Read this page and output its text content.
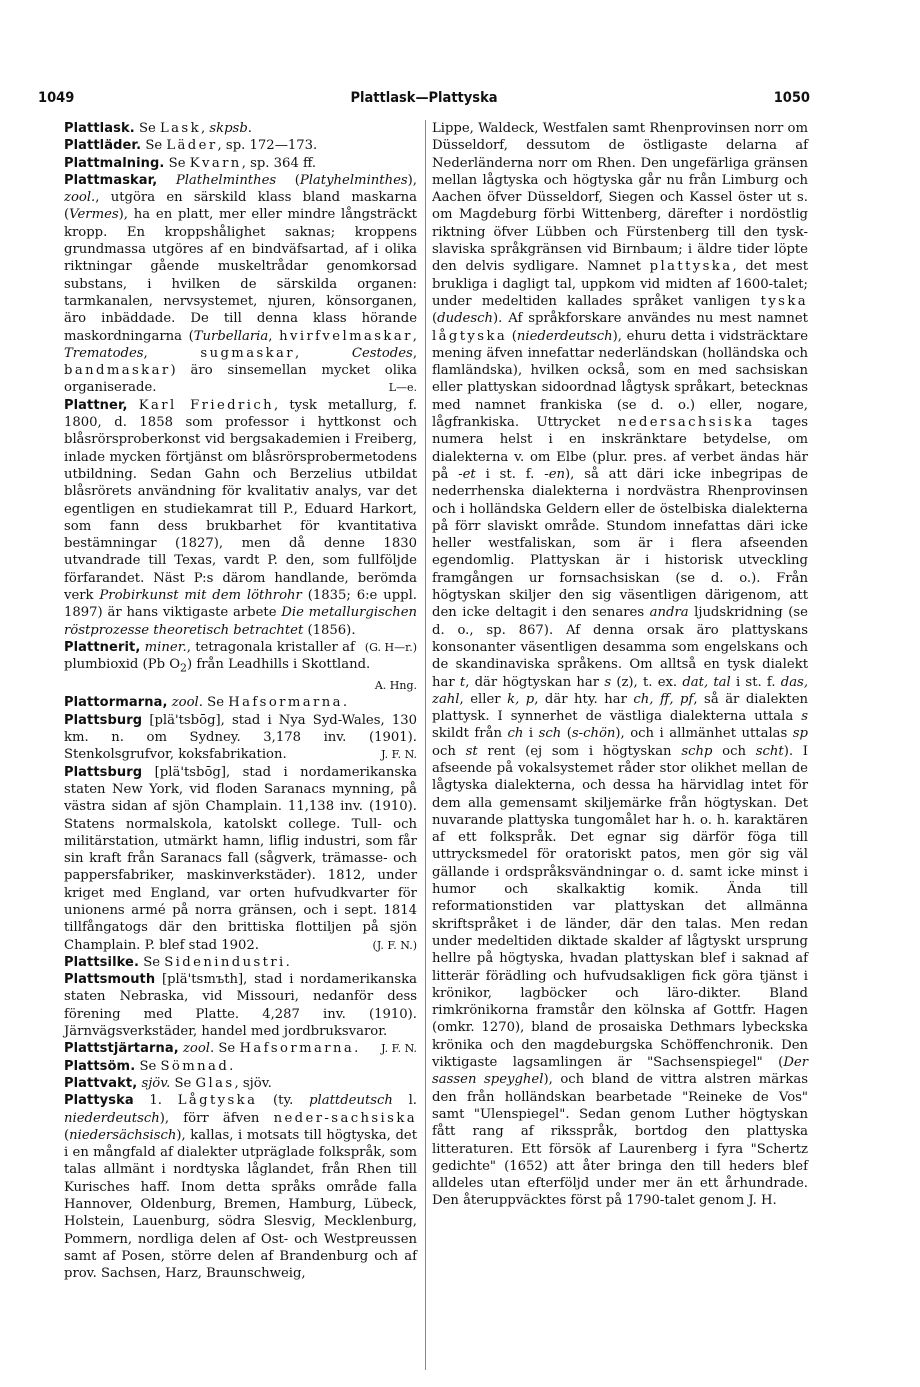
1049	Plattlask—Plattyska	1050

Plattlask. Se Lask, skpsb.

Plattläder. Se Läder, sp. 172—173.

Plattmalning. Se Kvarn, sp. 364 ff.

Plattmaskar, Plathelminthes (Platyhelminthes), zool., utgöra en särskild klass bland maskarna (Vermes), ha en platt, mer eller mindre långsträckt kropp. En kroppshålighet saknas; kroppens grundmassa utgöres af en bindväfsartad, af i olika riktningar gående muskeltrådar genomkorsad substans, i hvilken de särskilda organen: tarmkanalen, nervsystemet, njuren, könsorganen, äro inbäddade. De till denna klass hörande maskordningarna (Turbellaria, hvirfvelmaskar, Trematodes, sugmaskar, Cestodes, bandmaskar) äro sinsemellan mycket olika organiserade.	L—e.

Plattner, Karl Friedrich, tysk metallurg, f. 1800, d. 1858 som professor i hyttkonst och blåsrörsproberkonst vid bergsakademien i Freiberg, inlade mycken förtjänst om blåsrörsprobermetodens utbildning. Sedan Gahn och Berzelius utbildat blåsrörets användning för kvalitativ analys, var det egentligen en studiekamrat till P., Eduard Harkort, som fann dess brukbarhet för kvantitativa bestämningar (1827), men då denne 1830 utvandrade till Texas, vardt P. den, som fullföljde förfarandet. Näst P:s därom handlande, berömda verk Probirkunst mit dem löthrohr (1835; 6:e uppl. 1897) är hans viktigaste arbete Die metallurgischen röstprozesse theoretisch betrachtet (1856).
(G. H—r.)

Plattnerit, miner., tetragonala kristaller af plumbioxid (Pb $O_2$) från Leadhills i Skottland.

A. Hng.

Plattormarna, zool. Se Hafsormarna.

Plattsburg [plä'tsbōg], stad i Nya Syd-Wales, 130 km. n. om Sydney. 3,178 inv. (1901). Stenkolsgrufvor, koksfabrikation.	J. F. N.

Plattsburg [plä'tsbōg], stad i nordamerikanska staten New York, vid floden Saranacs mynning, på västra sidan af sjön Champlain. 11,138 inv. (1910). Statens normalskola, katolskt college. Tull- och militärstation, utmärkt hamn, liflig industri, som får sin kraft från Saranacs fall (sågverk, trämasse- och pappersfabriker, maskinverkstäder). 1812, under kriget med England, var orten hufvudkvarter för unionens armé på norra gränsen, och i sept. 1814 tillfångatogs där den brittiska flottiljen på sjön Champlain. P. blef stad 1902.	(J. F. N.)

Plattsilke. Se Sidenindustri.

Plattsmouth [plä'tsmъth], stad i nordamerikanska staten Nebraska, vid Missouri, nedanför dess förening med Platte. 4,287 inv. (1910). Järnvägsverkstäder, handel med jordbruksvaror.
J. F. N.

Plattstjärtarna, zool. Se Hafsormarna.

Plattsöm. Se Sömnad.

Plattvakt, sjöv. Se Glas, sjöv.

Plattyska 1. Lågtyska (ty. plattdeutsch l. niederdeutsch), förr äfven neder-sachsiska (niedersächsisch), kallas, i motsats till högtyska, det i en mångfald af dialekter utpräglade folkspråk, som talas allmänt i nordtyska låglandet, från Rhen till Kurisches haff. Inom detta språks område falla Hannover, Oldenburg, Bremen, Hamburg, Lübeck, Holstein, Lauenburg, södra Slesvig, Mecklenburg, Pommern, nordliga delen af Ost- och Westpreussen samt af Posen, större delen af Brandenburg och af prov. Sachsen, Harz, Braunschweig,

Lippe, Waldeck, Westfalen samt Rhenprovinsen norr om Düsseldorf, dessutom de östligaste delarna af Nederländerna norr om Rhen. Den ungefärliga gränsen mellan lågtyska och högtyska går nu från Limburg och Aachen öfver Düsseldorf, Siegen och Kassel öster ut s. om Magdeburg förbi Wittenberg, därefter i nordöstlig riktning öfver Lübben och Fürstenberg till den tysk-slaviska språkgränsen vid Birnbaum; i äldre tider löpte den delvis sydligare. Namnet plattyska, det mest brukliga i dagligt tal, uppkom vid midten af 1600-talet; under medeltiden kallades språket vanligen tyska (dudesch). Af språkforskare användes nu mest namnet lågtyska (niederdeutsch), ehuru detta i vidsträcktare mening äfven innefattar nederländskan (holländska och flamländska), hvilken också, som en med sachsiskan eller plattyskan sidoordnad lågtysk språkart, betecknas med namnet frankiska (se d. o.) eller, nogare, lågfrankiska. Uttrycket nedersachsiska tages numera helst i en inskränktare betydelse, om dialekterna v. om Elbe (plur. pres. af verbet ändas här på -et i st. f. -en), så att däri icke inbegripas de nederrhenska dialekterna i nordvästra Rhenprovinsen och i holländska Geldern eller de östelbiska dialekterna på förr slaviskt område. Stundom innefattas däri icke heller westfaliskan, som är i flera afseenden egendomlig. Plattyskan är i historisk utveckling framgången ur fornsachsiskan (se d. o.). Från högtyskan skiljer den sig väsentligen därigenom, att den icke deltagit i den senares andra ljudskridning (se d. o., sp. 867). Af denna orsak äro plattyskans konsonanter väsentligen desamma som engelskans och de skandinaviska språkens. Om alltså en tysk dialekt har t, där högtyskan har s (z), t. ex. dat, tal i st. f. das, zahl, eller k, p, där hty. har ch, ff, pf, så är dialekten plattysk. I synnerhet de västliga dialekterna uttala s skildt från ch i sch (s-chön), och i allmänhet uttalas sp och st rent (ej som i högtyskan schp och scht). I afseende på vokalsystemet råder stor olikhet mellan de lågtyska dialekterna, och dessa ha härvidlag intet för dem alla gemensamt skiljemärke från högtyskan. Det nuvarande plattyska tungomålet har h. o. h. karaktären af ett folkspråk. Det egnar sig därför föga till uttrycksmedel för oratoriskt patos, men gör sig väl gällande i ordspråksvändningar o. d. samt icke minst i humor och skalkaktig komik. Ända till reformationstiden var plattyskan det allmänna skriftspråket i de länder, där den talas. Men redan under medeltiden diktade skalder af lågtyskt ursprung hellre på högtyska, hvadan plattyskan blef i saknad af litterär förädling och hufvudsakligen fick göra tjänst i krönikor, lagböcker och läro-dikter. Bland rimkrönikorna framstår den kölnska af Gottfr. Hagen (omkr. 1270), bland de prosaiska Dethmars lybeckska krönika och den magdeburgska Schöffenchronik. Den viktigaste lagsamlingen är "Sachsenspiegel" (Der sassen speyghel), och bland de vittra alstren märkas den från holländskan bearbetade "Reineke de Vos" samt "Ulenspiegel". Sedan genom Luther högtyskan fått rang af riksspråk, bortdog den plattyska litteraturen. Ett försök af Laurenberg i fyra "Schertz gedichte" (1652) att åter bringa den till heders blef alldeles utan efterföljd under mer än ett århundrade. Den återuppväcktes först på 1790-talet genom J. H.
